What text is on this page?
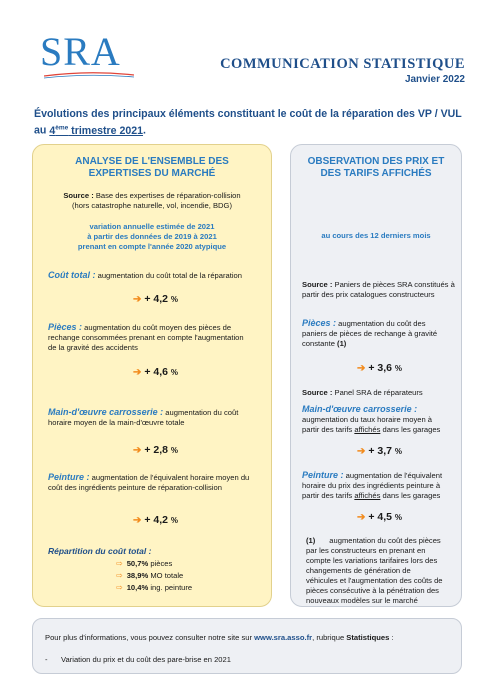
SRA	COMMUNICATION STATISTIQUE
Janvier 2022
Évolutions des principaux éléments constituant le coût de la réparation des VP / VUL
au 4ème trimestre 2021.
ANALYSE DE L'ENSEMBLE DES
EXPERTISES DU MARCHÉ
Source : Base des expertises de réparation-collision
(hors catastrophe naturelle, vol, incendie, BDG)
variation annuelle estimée de 2021
à partir des données de 2019 à 2021
prenant en compte l'année 2020 atypique
Coût total : augmentation du coût total de la réparation
➔ + 4,2 %
Pièces : augmentation du coût moyen des pièces de
rechange consommées prenant en compte l'augmentation
de la gravité des accidents
➔ + 4,6 %
Main-d'œuvre carrosserie : augmentation du coût
horaire moyen de la main-d'œuvre totale
➔ + 2,8 %
Peinture : augmentation de l'équivalent horaire moyen du
coût des ingrédients peinture de réparation-collision
➔ + 4,2 %
Répartition du coût total :
⇨ 50,7% pièces
⇨ 38,9% MO totale
⇨ 10,4% ing. peinture
OBSERVATION DES PRIX ET
DES TARIFS AFFICHÉS
au cours des 12 derniers mois
Source : Paniers de pièces SRA constitués à
partir des prix catalogues constructeurs
Pièces : augmentation du coût des
paniers de pièces de rechange à gravité
constante (1)
➔ + 3,6 %
Source : Panel SRA de réparateurs
Main-d'œuvre carrosserie :
augmentation du taux horaire moyen à
partir des tarifs affichés dans les garages
➔ + 3,7 %
Peinture : augmentation de l'équivalent
horaire du prix des ingrédients peinture à
partir des tarifs affichés dans les garages
➔ + 4,5 %
(1) augmentation du coût des pièces
par les constructeurs en prenant en
compte les variations tarifaires lors des
changements de génération de
véhicules et l'augmentation des coûts de
pièces consécutive à la pénétration des
nouveaux modèles sur le marché
Pour plus d'informations, vous pouvez consulter notre site sur www.sra.asso.fr, rubrique Statistiques :
- Variation du prix et du coût des pare-brise en 2021
